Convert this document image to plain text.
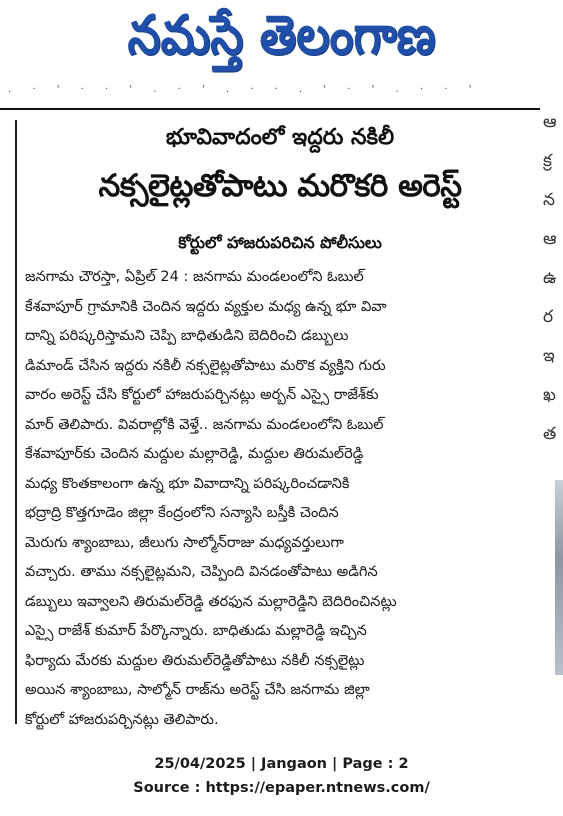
నమస్తే తెలంగాణ
. · ' · · ' . · ' . · · . ' · ' . · · '
ఆ
క్ర
న
ఆ
ఉ
ర
ఇ
ఖ
త
భూవివాదంలో ఇద్దరు నకిలీ
నక్సలైట్లతోపాటు మరొకరి అరెస్ట్
కోర్టులో హాజరుపరిచిన పోలీసులు
జనగామ చౌరస్తా, ఏప్రిల్ 24 : జనగామ మండలంలోని ఓబుల్
కేశవాపూర్ గ్రామానికి చెందిన ఇద్దరు వ్యక్తుల మధ్య ఉన్న భూ వివా
దాన్ని పరిష్కరిస్తామని చెప్పి బాధితుడిని బెదిరించి డబ్బులు
డిమాండ్ చేసిన ఇద్దరు నకిలీ నక్సలైట్లతోపాటు మరొక వ్యక్తిని గురు
వారం అరెస్ట్ చేసి కోర్టులో హాజరుపర్చినట్లు అర్బన్ ఎస్సై రాజేశ్‌కు
మార్ తెలిపారు. వివరాల్లోకి వెళ్తే.. జనగామ మండలంలోని ఓబుల్
కేశవాపూర్‌కు చెందిన మద్దుల మల్లారెడ్డి, మద్దుల తిరుమల్‌రెడ్డి
మధ్య కొంతకాలంగా ఉన్న భూ వివాదాన్ని పరిష్కరించడానికి
భద్రాద్రి కొత్తగూడెం జిల్లా కేంద్రంలోని సన్యాసి బస్తీకి చెందిన
మెరుగు శ్యాంబాబు, జీలుగు సాల్మోన్‌రాజు మధ్యవర్తులుగా
వచ్చారు. తాము నక్సలైట్లమని, చెప్పింది వినడంతోపాటు అడిగిన
డబ్బులు ఇవ్వాలని తిరుమల్‌రెడ్డి తరఫున మల్లారెడ్డిని బెదిరించినట్లు
ఎస్సై రాజేశ్ కుమార్ పేర్కొన్నారు. బాధితుడు మల్లారెడ్డి ఇచ్చిన
ఫిర్యాదు మేరకు మద్దుల తిరుమల్‌రెడ్డితోపాటు నకిలీ నక్సలైట్లు
అయిన శ్యాంబాబు, సాల్మోన్ రాజ్‌ను అరెస్ట్ చేసి జనగామ జిల్లా
కోర్టులో హాజరుపర్చినట్లు తెలిపారు.
25/04/2025 | Jangaon | Page : 2
Source : https://epaper.ntnews.com/
